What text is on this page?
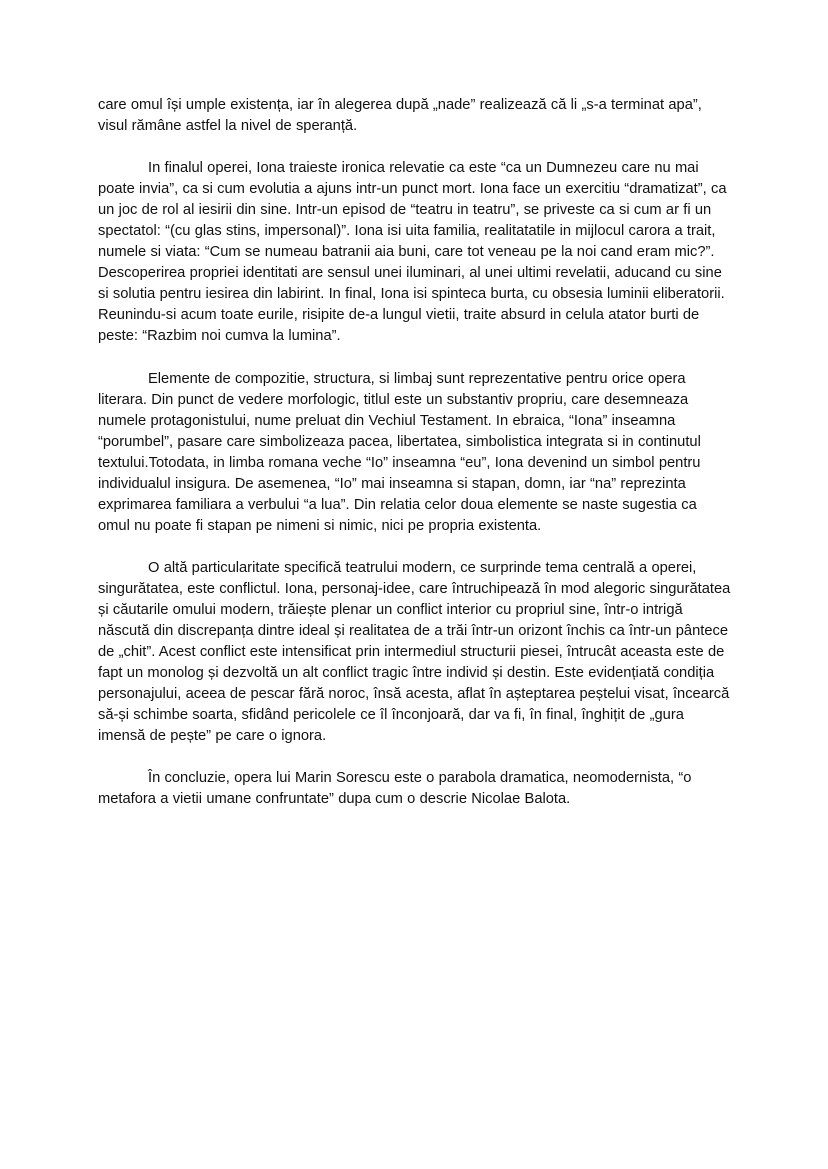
care omul își umple existența, iar în alegerea după „nade” realizează că li „s-a terminat apa”, visul rămâne astfel la nivel de speranță.

In finalul operei, Iona traieste ironica relevatie ca este “ca un Dumnezeu care nu mai poate invia”, ca si cum evolutia a ajuns intr-un punct mort. Iona face un exercitiu “dramatizat”, ca un joc de rol al iesirii din sine. Intr-un episod de “teatru in teatru”, se priveste ca si cum ar fi un spectatol: “(cu glas stins, impersonal)”. Iona isi uita familia, realitatatile in mijlocul carora a trait, numele si viata: “Cum se numeau batranii aia buni, care tot veneau pe la noi cand eram mic?”. Descoperirea propriei identitati are sensul unei iluminari, al unei ultimi revelatii, aducand cu sine si solutia pentru iesirea din labirint. In final, Iona isi spinteca burta, cu obsesia luminii eliberatorii. Reunindu-si acum toate eurile, risipite de-a lungul vietii, traite absurd in celula atator burti de peste: “Razbim noi cumva la lumina”.

Elemente de compozitie, structura, si limbaj sunt reprezentative pentru orice opera literara. Din punct de vedere morfologic, titlul este un substantiv propriu, care desemneaza numele protagonistului, nume preluat din Vechiul Testament. In ebraica, “Iona” inseamna “porumbel”, pasare care simbolizeaza pacea, libertatea, simbolistica integrata si in continutul textului.Totodata, in limba romana veche “Io” inseamna “eu”, Iona devenind un simbol pentru individualul insigura. De asemenea, “Io” mai inseamna si stapan, domn, iar “na” reprezinta exprimarea familiara a verbului “a lua”. Din relatia celor doua elemente se naste sugestia ca omul nu poate fi stapan pe nimeni si nimic, nici pe propria existenta.

O altă particularitate specifică teatrului modern, ce surprinde tema centrală a operei, singurătatea, este conflictul. Iona, personaj-idee, care întruchipează în mod alegoric singurătatea și căutarile omului modern, trăiește plenar un conflict interior cu propriul sine, într-o intrigă născută din discrepanța dintre ideal și realitatea de a trăi într-un orizont închis ca într-un pântece de „chit”. Acest conflict este intensificat prin intermediul structurii piesei, întrucât aceasta este de fapt un monolog și dezvoltă un alt conflict tragic între individ și destin. Este evidențiată condiția personajului, aceea de pescar fără noroc, însă acesta, aflat în așteptarea peștelui visat, încearcă să-și schimbe soarta, sfidând pericolele ce îl înconjoară, dar va fi, în final, înghițit de „gura imensă de pește” pe care o ignora.

În concluzie, opera lui Marin Sorescu este o parabola dramatica, neomodernista, “o metafora a vietii umane confruntate” dupa cum o descrie Nicolae Balota.
